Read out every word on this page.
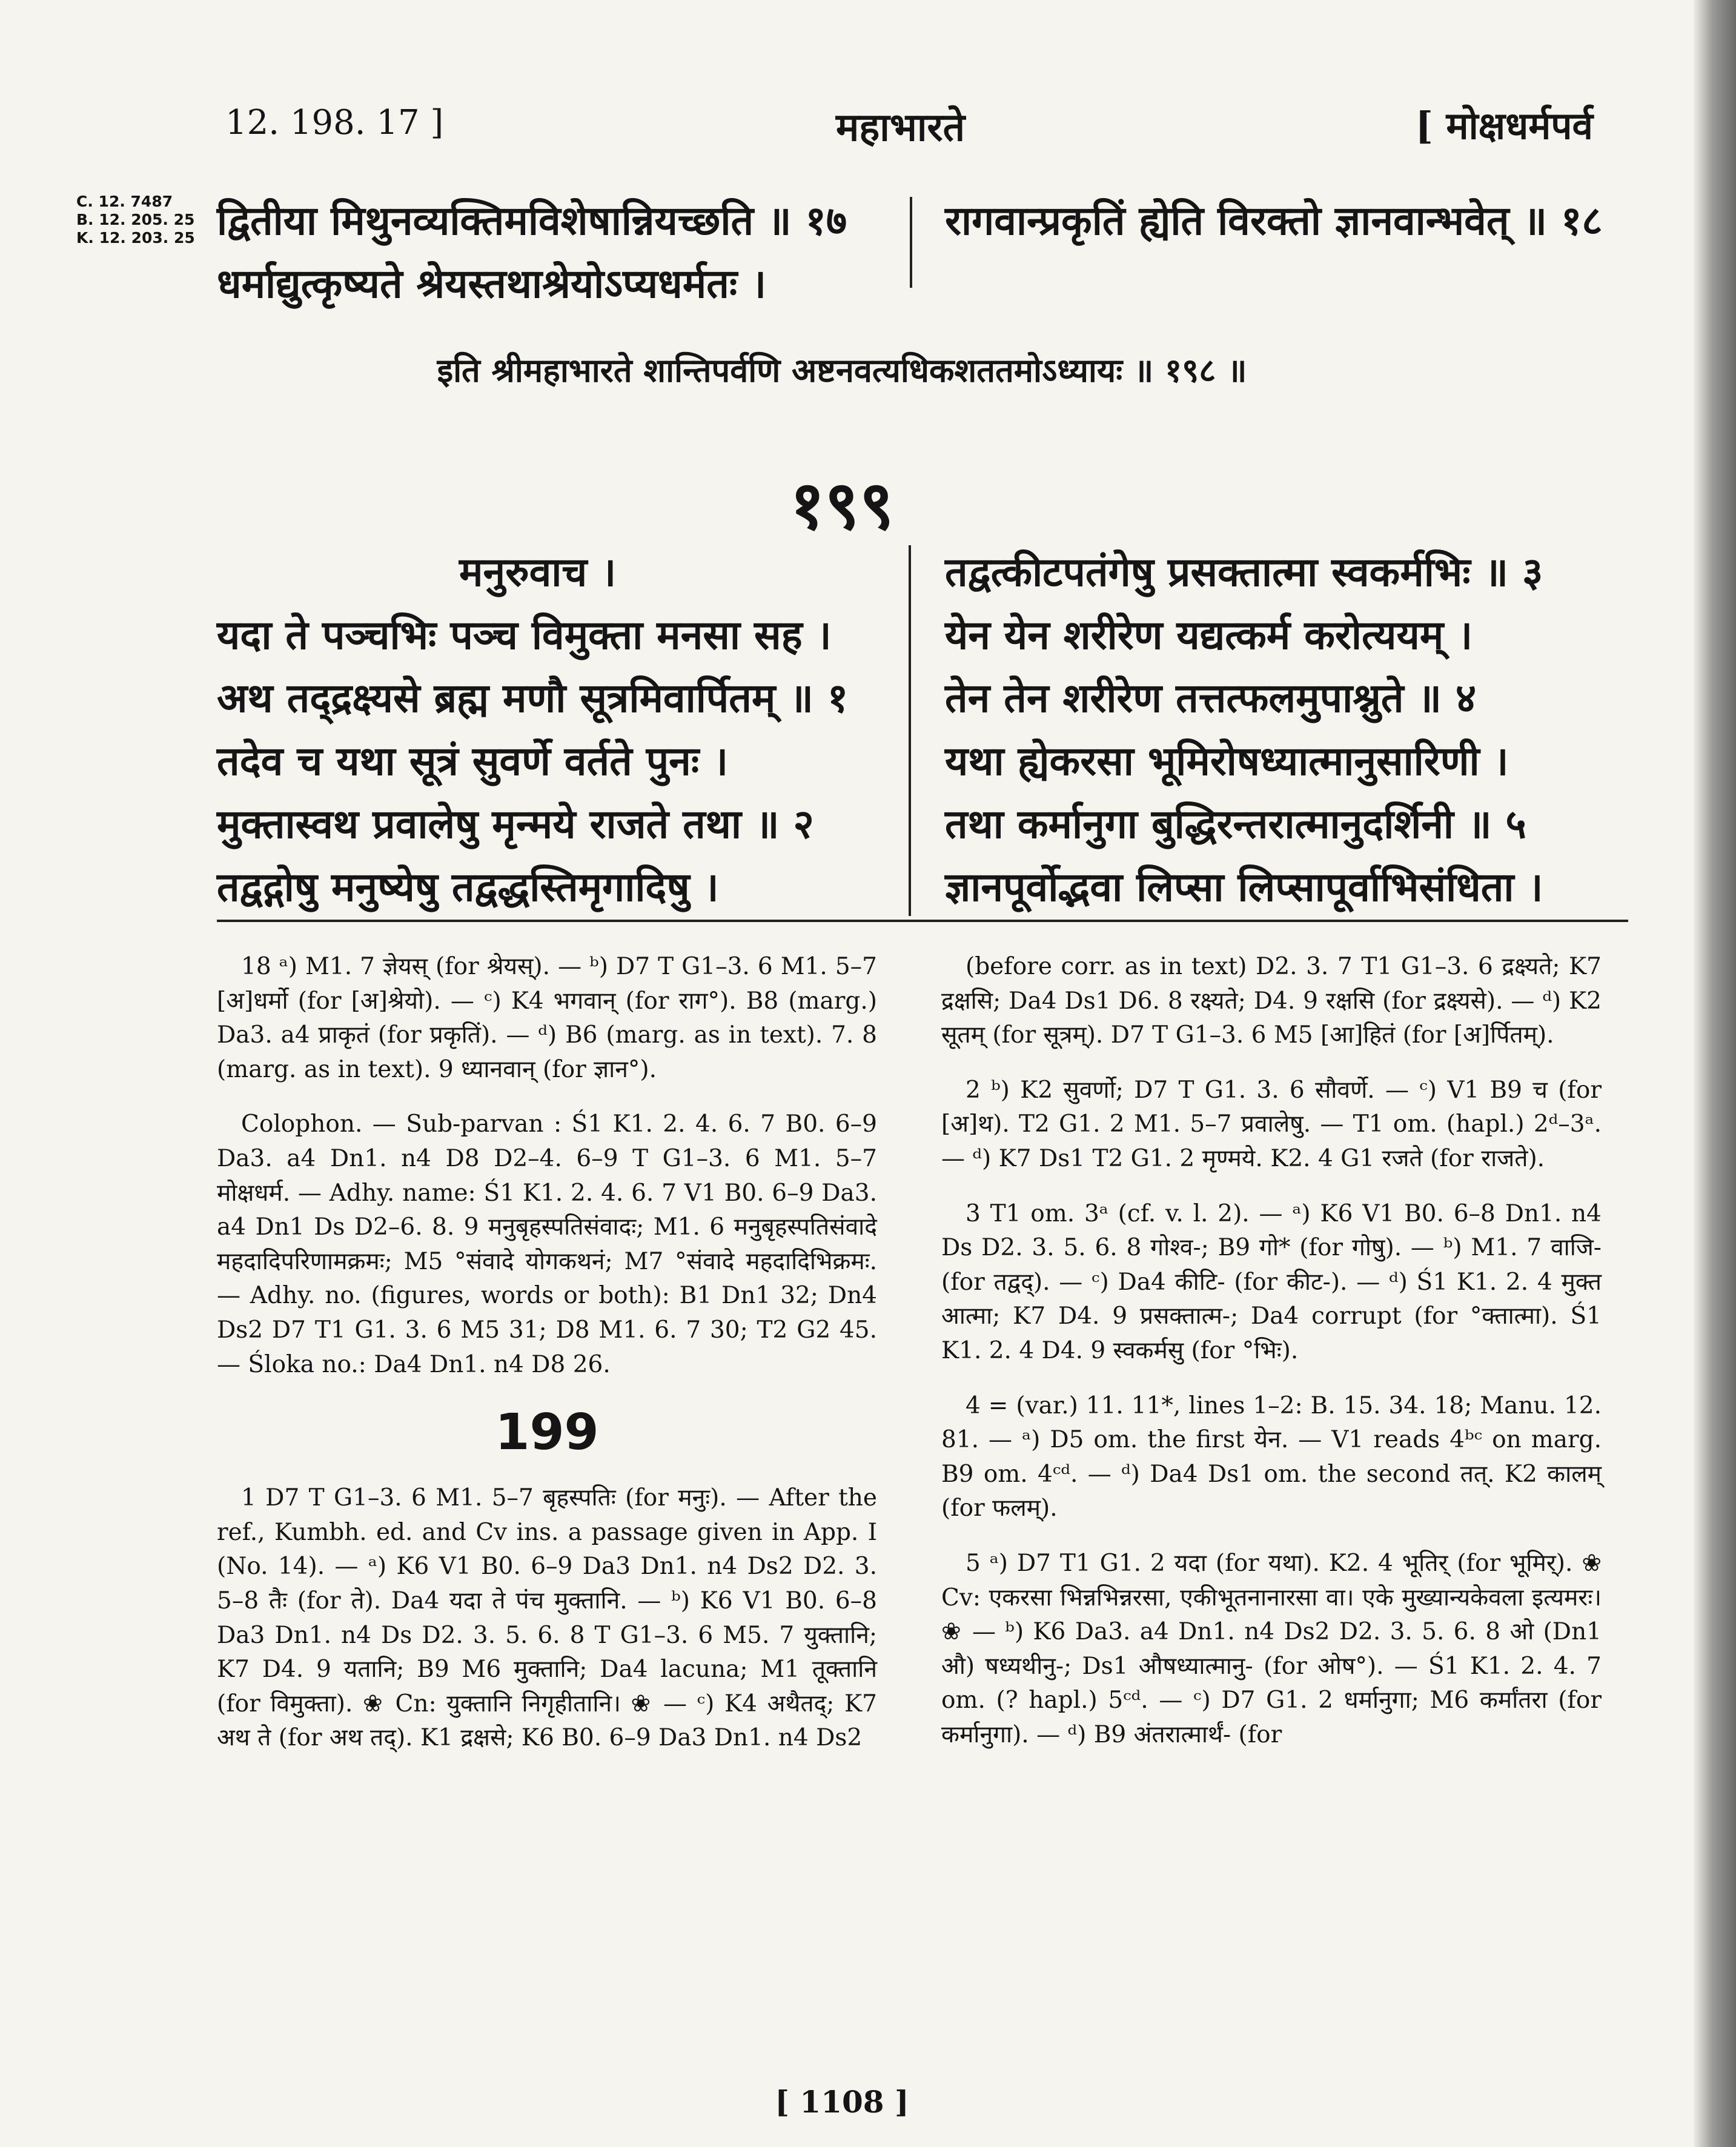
12. 198. 17 ]	महाभारते	[ मोक्षधर्मपर्व
C. 12. 7487
B. 12. 205. 25
K. 12. 203. 25 द्वितीया मिथुनव्यक्तिमविशेषान्नियच्छति ॥ १७
धर्माद्युत्कृष्यते श्रेयस्तथाश्रेयोऽप्यधर्मतः ।
रागवान्प्रकृतिं ह्येति विरक्तो ज्ञानवान्भवेत् ॥ १८
इति श्रीमहाभारते शान्तिपर्वणि अष्टनवत्यधिकशततमोऽध्यायः ॥ १९८ ॥
१९९
मनुरुवाच ।
यदा ते पञ्चभिः पञ्च विमुक्ता मनसा सह ।
अथ तद्द्रक्ष्यसे ब्रह्म मणौ सूत्रमिवार्पितम् ॥ १
तदेव च यथा सूत्रं सुवर्णे वर्तते पुनः ।
मुक्तास्वथ प्रवालेषु मृन्मये राजते तथा ॥ २
तद्वद्गोषु मनुष्येषु तद्वद्धस्तिमृगादिषु ।
तद्वत्कीटपतंगेषु प्रसक्तात्मा स्वकर्मभिः ॥ ३
येन येन शरीरेण यद्यत्कर्म करोत्ययम् ।
तेन तेन शरीरेण तत्तत्फलमुपाश्नुते ॥ ४
यथा ह्येकरसा भूमिरोषध्यात्मानुसारिणी ।
तथा कर्मानुगा बुद्धिरन्तरात्मानुदर्शिनी ॥ ५
ज्ञानपूर्वोद्भवा लिप्सा लिप्सापूर्वाभिसंधिता ।

18 ᵃ) M1. 7 ज्ञेयस् (for श्रेयस्). — ᵇ) D7 T G1–3. 6 M1. 5–7 [अ]धर्मो (for [अ]श्रेयो). — ᶜ) K4 भगवान् (for राग°). B8 (marg.) Da3. a4 प्राकृतं (for प्रकृतिं). — ᵈ) B6 (marg. as in text). 7. 8 (marg. as in text). 9 ध्यानवान् (for ज्ञान°).

Colophon. — Sub-parvan : Ś1 K1. 2. 4. 6. 7 B0. 6–9 Da3. a4 Dn1. n4 D8 D2–4. 6–9 T G1–3. 6 M1. 5–7 मोक्षधर्म. — Adhy. name: Ś1 K1. 2. 4. 6. 7 V1 B0. 6–9 Da3. a4 Dn1 Ds D2–6. 8. 9 मनुबृहस्पतिसंवादः; M1. 6 मनुबृहस्पतिसंवादे महदादिपरिणामक्रमः; M5 °संवादे योगकथनं; M7 °संवादे महदादिभिक्रमः. — Adhy. no. (figures, words or both): B1 Dn1 32; Dn4 Ds2 D7 T1 G1. 3. 6 M5 31; D8 M1. 6. 7 30; T2 G2 45. — Śloka no.: Da4 Dn1. n4 D8 26.

199

1 D7 T G1–3. 6 M1. 5–7 बृहस्पतिः (for मनुः). — After the ref., Kumbh. ed. and Cv ins. a passage given in App. I (No. 14). — ᵃ) K6 V1 B0. 6–9 Da3 Dn1. n4 Ds2 D2. 3. 5–8 तैः (for ते). Da4 यदा ते पंच मुक्तानि. — ᵇ) K6 V1 B0. 6–8 Da3 Dn1. n4 Ds D2. 3. 5. 6. 8 T G1–3. 6 M5. 7 युक्तानि; K7 D4. 9 यतानि; B9 M6 मुक्तानि; Da4 lacuna; M1 तूक्तानि (for विमुक्ता). ❀ Cn: युक्तानि निगृहीतानि। ❀ — ᶜ) K4 अथैतद्; K7 अथ ते (for अथ तद्). K1 द्रक्षसे; K6 B0. 6–9 Da3 Dn1. n4 Ds2

(before corr. as in text) D2. 3. 7 T1 G1–3. 6 द्रक्ष्यते; K7 द्रक्षसि; Da4 Ds1 D6. 8 रक्ष्यते; D4. 9 रक्षसि (for द्रक्ष्यसे). — ᵈ) K2 सूतम् (for सूत्रम्). D7 T G1–3. 6 M5 [आ]हितं (for [अ]र्पितम्).

2 ᵇ) K2 सुवर्णो; D7 T G1. 3. 6 सौवर्णे. — ᶜ) V1 B9 च (for [अ]थ). T2 G1. 2 M1. 5–7 प्रवालेषु. — T1 om. (hapl.) 2ᵈ–3ᵃ. — ᵈ) K7 Ds1 T2 G1. 2 मृण्मये. K2. 4 G1 रजते (for राजते).

3 T1 om. 3ᵃ (cf. v. l. 2). — ᵃ) K6 V1 B0. 6–8 Dn1. n4 Ds D2. 3. 5. 6. 8 गोश्व-; B9 गो* (for गोषु). — ᵇ) M1. 7 वाजि- (for तद्वद्). — ᶜ) Da4 कीटि- (for कीट-). — ᵈ) Ś1 K1. 2. 4 मुक्त आत्मा; K7 D4. 9 प्रसक्तात्म-; Da4 corrupt (for °क्तात्मा). Ś1 K1. 2. 4 D4. 9 स्वकर्मसु (for °भिः).

4 = (var.) 11. 11*, lines 1–2: B. 15. 34. 18; Manu. 12. 81. — ᵃ) D5 om. the first येन. — V1 reads 4ᵇᶜ on marg. B9 om. 4ᶜᵈ. — ᵈ) Da4 Ds1 om. the second तत्. K2 कालम् (for फलम्).

5 ᵃ) D7 T1 G1. 2 यदा (for यथा). K2. 4 भूतिर् (for भूमिर्). ❀ Cv: एकरसा भिन्नभिन्नरसा, एकीभूतनानारसा वा। एके मुख्यान्यकेवला इत्यमरः। ❀ — ᵇ) K6 Da3. a4 Dn1. n4 Ds2 D2. 3. 5. 6. 8 ओ (Dn1 औ) षध्यथीनु-; Ds1 औषध्यात्मानु- (for ओष°). — Ś1 K1. 2. 4. 7 om. (? hapl.) 5ᶜᵈ. — ᶜ) D7 G1. 2 धर्मानुगा; M6 कर्मांतरा (for कर्मानुगा). — ᵈ) B9 अंतरात्मार्थं- (for

[ 1108 ]
